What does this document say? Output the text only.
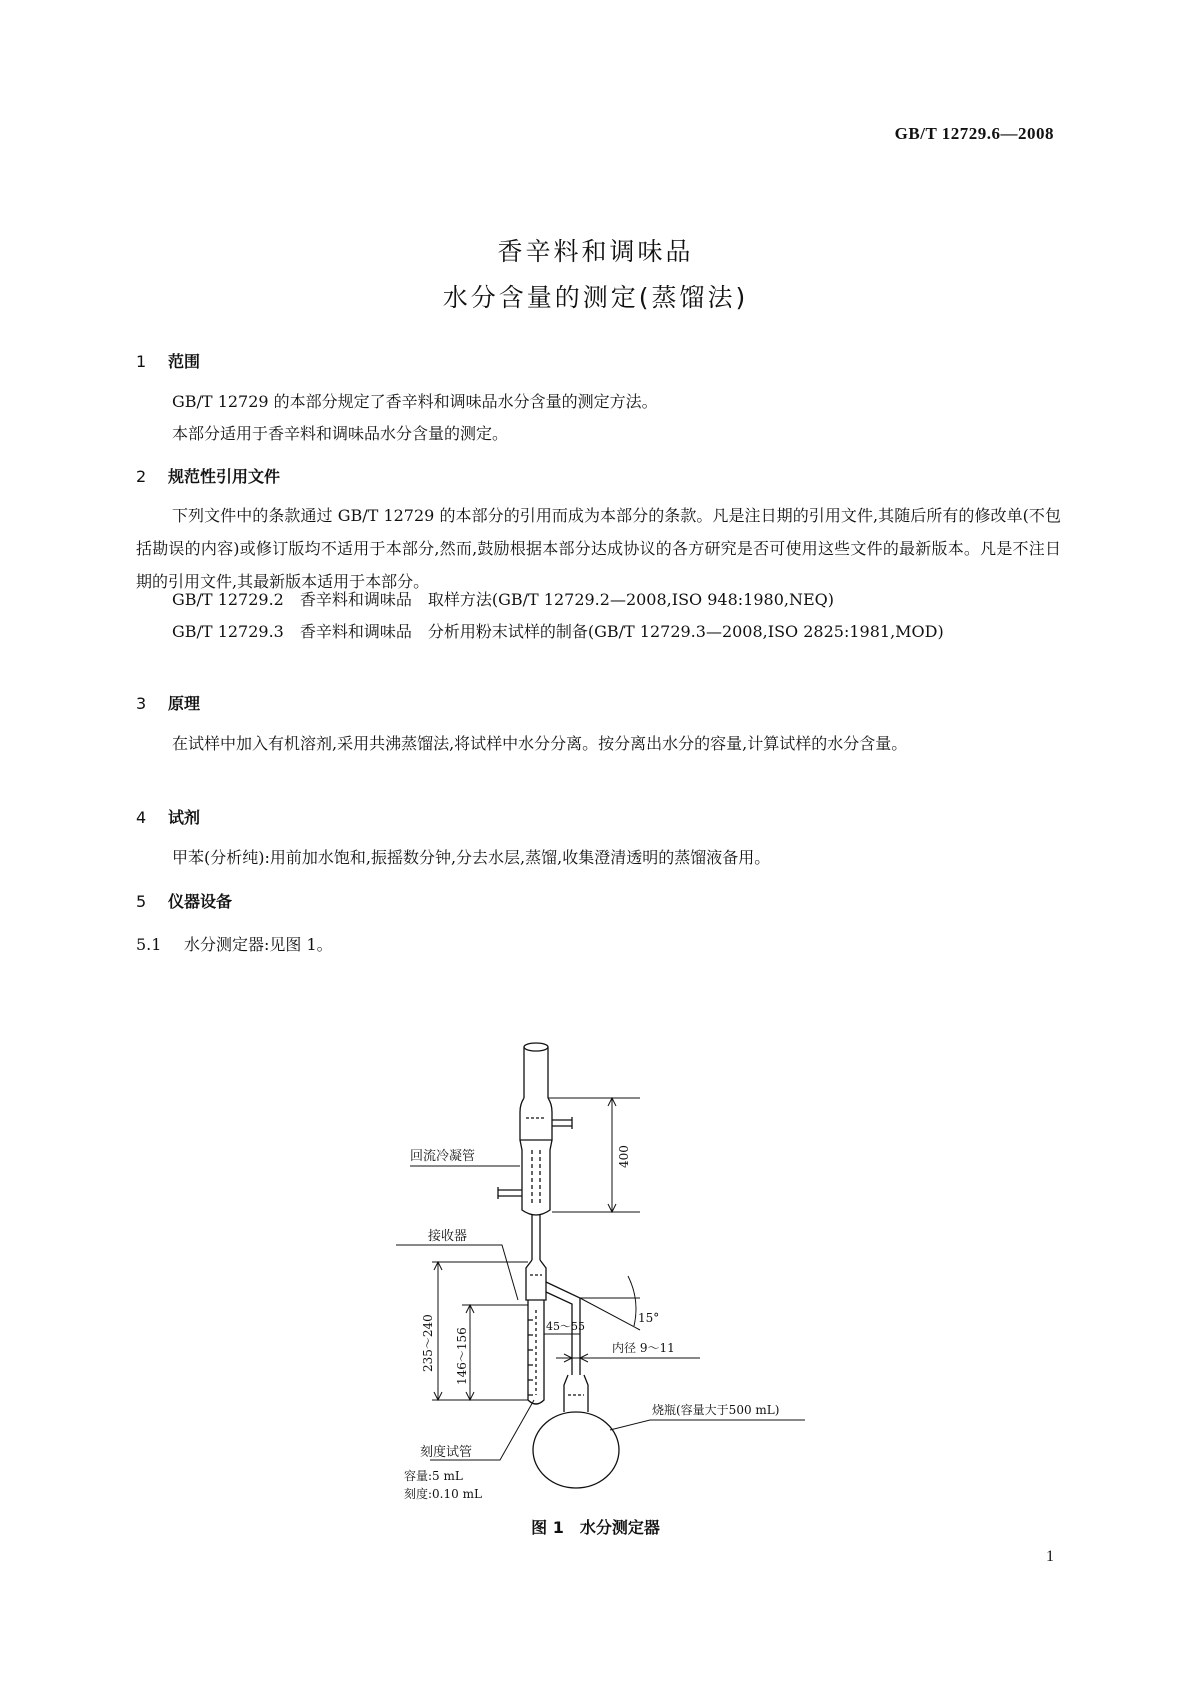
GB/T 12729.6—2008
香辛料和调味品
水分含量的测定(蒸馏法)
1 范围
GB/T 12729 的本部分规定了香辛料和调味品水分含量的测定方法。
本部分适用于香辛料和调味品水分含量的测定。
2 规范性引用文件
下列文件中的条款通过 GB/T 12729 的本部分的引用而成为本部分的条款。凡是注日期的引用文件,其随后所有的修改单(不包括勘误的内容)或修订版均不适用于本部分,然而,鼓励根据本部分达成协议的各方研究是否可使用这些文件的最新版本。凡是不注日期的引用文件,其最新版本适用于本部分。
GB/T 12729.2　香辛料和调味品　取样方法(GB/T 12729.2—2008,ISO 948:1980,NEQ)
GB/T 12729.3　香辛料和调味品　分析用粉末试样的制备(GB/T 12729.3—2008,ISO 2825:1981,MOD)
3 原理
在试样中加入有机溶剂,采用共沸蒸馏法,将试样中水分分离。按分离出水分的容量,计算试样的水分含量。
4 试剂
甲苯(分析纯):用前加水饱和,振摇数分钟,分去水层,蒸馏,收集澄清透明的蒸馏液备用。
5 仪器设备
5.1 水分测定器:见图 1。
回流冷凝管
接收器
刻度试管
容量:5 mL
刻度:0.10 mL
烧瓶(容量大于500 mL)
内径 9～11
15°
400
235～240 146～156
45～55
图 1　水分测定器
1
